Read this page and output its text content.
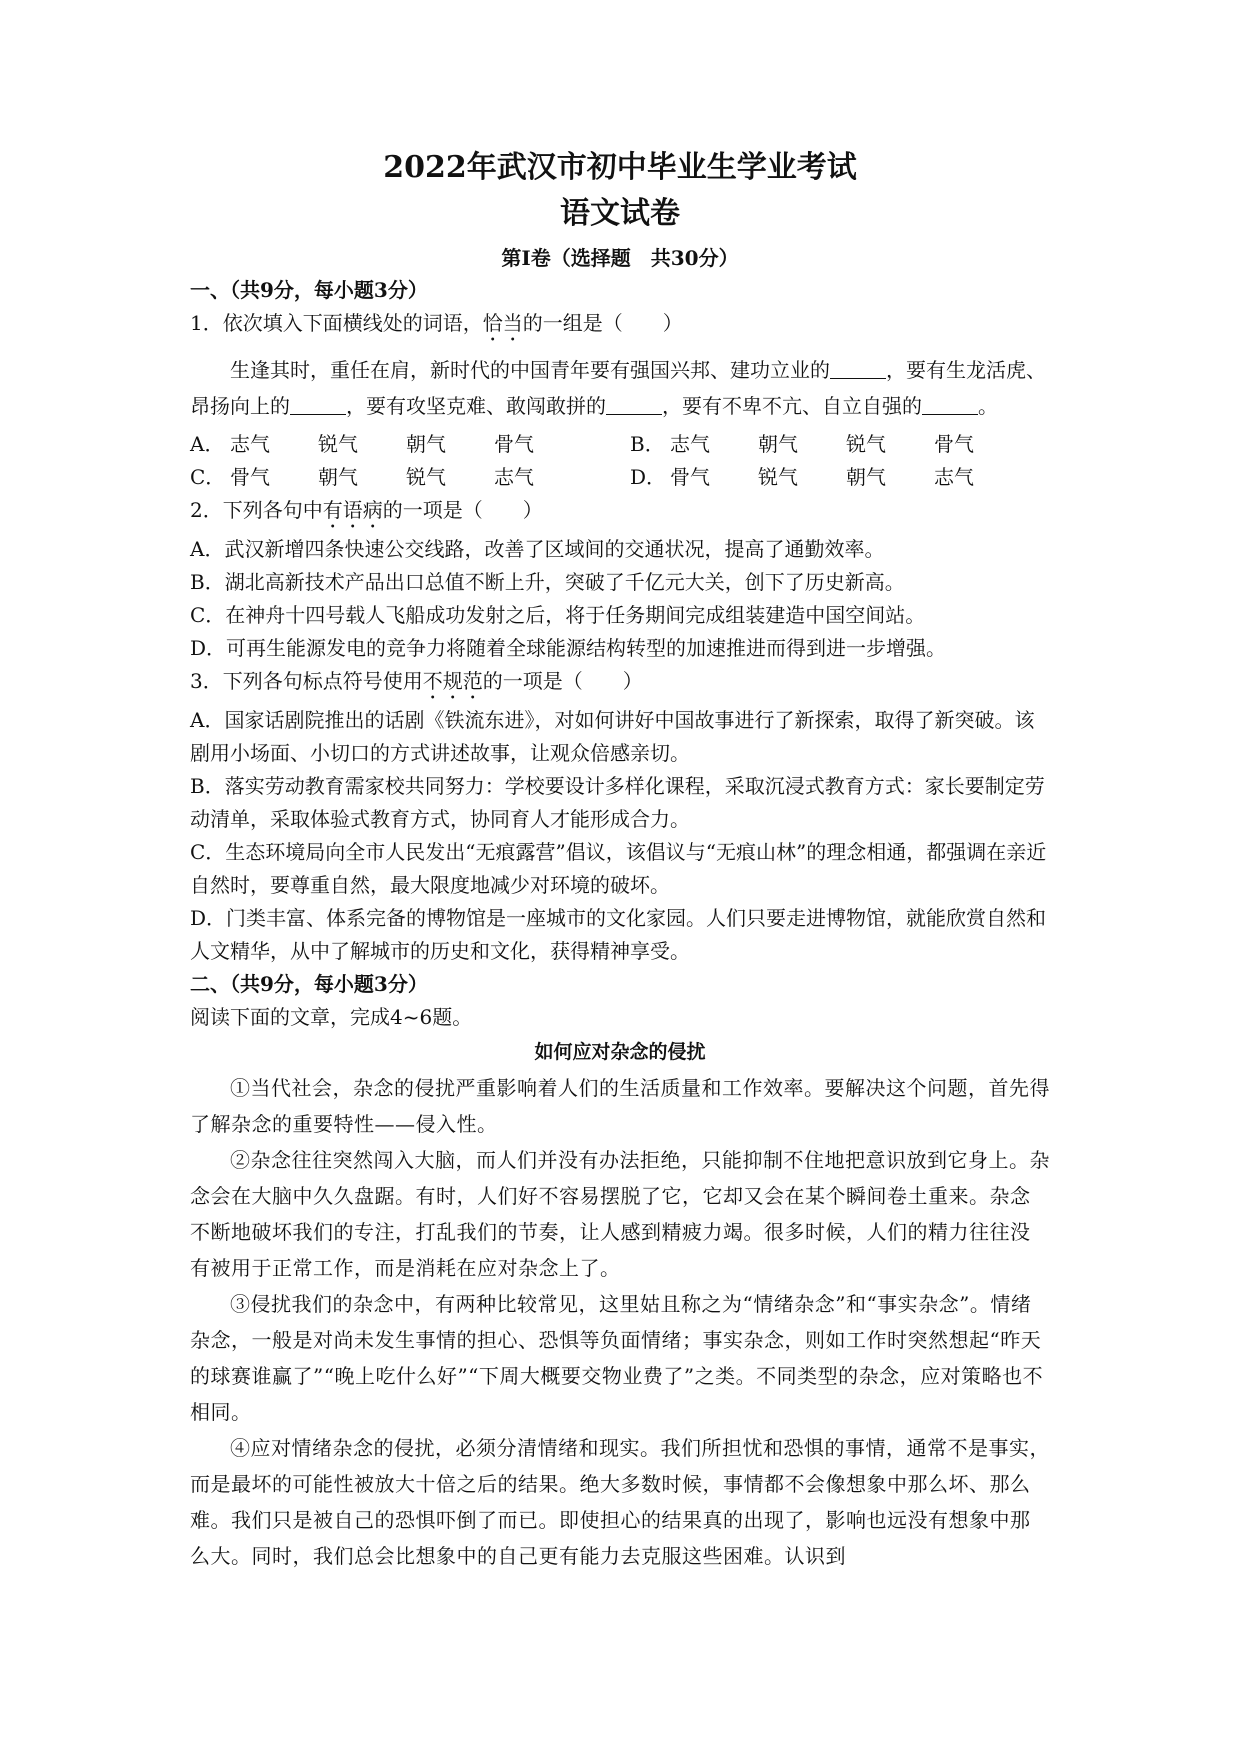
2022年武汉市初中毕业生学业考试
语文试卷
第Ⅰ卷（选择题　共30分）
一、（共9分，每小题3分）
1．依次填入下面横线处的词语，恰当的一组是（　　）
生逢其时，重任在肩，新时代的中国青年要有强国兴邦、建功立业的	，要有生龙活虎、昂扬向上的	，要有攻坚克难、敢闯敢拼的	，要有不卑不亢、自立自强的	。
A． 志气 锐气 朝气 骨气	B． 志气 朝气 锐气 骨气
C． 骨气 朝气 锐气 志气	D． 骨气 锐气 朝气 志气
2．下列各句中有语病的一项是（　　）
A．武汉新增四条快速公交线路，改善了区域间的交通状况，提高了通勤效率。
B．湖北高新技术产品出口总值不断上升，突破了千亿元大关，创下了历史新高。
C．在神舟十四号载人飞船成功发射之后，将于任务期间完成组装建造中国空间站。
D．可再生能源发电的竞争力将随着全球能源结构转型的加速推进而得到进一步增强。
3．下列各句标点符号使用不规范的一项是（　　）
A．国家话剧院推出的话剧《铁流东进》，对如何讲好中国故事进行了新探索，取得了新突破。该剧用小场面、小切口的方式讲述故事，让观众倍感亲切。
B．落实劳动教育需家校共同努力：学校要设计多样化课程，采取沉浸式教育方式：家长要制定劳动清单，采取体验式教育方式，协同育人才能形成合力。
C．生态环境局向全市人民发出“无痕露营”倡议，该倡议与“无痕山林”的理念相通，都强调在亲近自然时，要尊重自然，最大限度地减少对环境的破坏。
D．门类丰富、体系完备的博物馆是一座城市的文化家园。人们只要走进博物馆，就能欣赏自然和人文精华，从中了解城市的历史和文化，获得精神享受。
二、（共9分，每小题3分）
阅读下面的文章，完成4~6题。
如何应对杂念的侵扰
①当代社会，杂念的侵扰严重影响着人们的生活质量和工作效率。要解决这个问题，首先得了解杂念的重要特性——侵入性。
②杂念往往突然闯入大脑，而人们并没有办法拒绝，只能抑制不住地把意识放到它身上。杂念会在大脑中久久盘踞。有时，人们好不容易摆脱了它，它却又会在某个瞬间卷土重来。杂念不断地破坏我们的专注，打乱我们的节奏，让人感到精疲力竭。很多时候，人们的精力往往没有被用于正常工作，而是消耗在应对杂念上了。
③侵扰我们的杂念中，有两种比较常见，这里姑且称之为“情绪杂念”和“事实杂念”。情绪杂念，一般是对尚未发生事情的担心、恐惧等负面情绪；事实杂念，则如工作时突然想起“昨天的球赛谁赢了”“晚上吃什么好”“下周大概要交物业费了”之类。不同类型的杂念，应对策略也不相同。
④应对情绪杂念的侵扰，必须分清情绪和现实。我们所担忧和恐惧的事情，通常不是事实，而是最坏的可能性被放大十倍之后的结果。绝大多数时候，事情都不会像想象中那么坏、那么难。我们只是被自己的恐惧吓倒了而已。即使担心的结果真的出现了，影响也远没有想象中那么大。同时，我们总会比想象中的自己更有能力去克服这些困难。认识到
